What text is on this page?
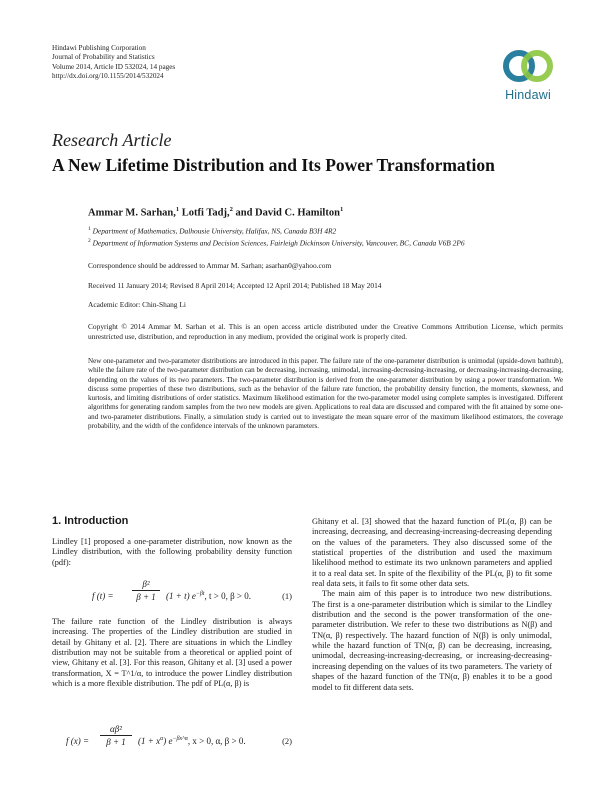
Hindawi Publishing Corporation
Journal of Probability and Statistics
Volume 2014, Article ID 532024, 14 pages
http://dx.doi.org/10.1155/2014/532024
Hindawi
Research Article
A New Lifetime Distribution and Its Power Transformation
Ammar M. Sarhan,$^1$ Lotfi Tadj,$^2$ and David C. Hamilton$^1$
$^1$ Department of Mathematics, Dalhousie University, Halifax, NS, Canada B3H 4R2
$^2$ Department of Information Systems and Decision Sciences, Fairleigh Dickinson University, Vancouver, BC, Canada V6B 2P6
Correspondence should be addressed to Ammar M. Sarhan; asarhan0@yahoo.com
Received 11 January 2014; Revised 8 April 2014; Accepted 12 April 2014; Published 18 May 2014
Academic Editor: Chin-Shang Li
Copyright © 2014 Ammar M. Sarhan et al. This is an open access article distributed under the Creative Commons Attribution License, which permits unrestricted use, distribution, and reproduction in any medium, provided the original work is properly cited.
New one-parameter and two-parameter distributions are introduced in this paper. The failure rate of the one-parameter distribution is unimodal (upside-down bathtub), while the failure rate of the two-parameter distribution can be decreasing, increasing, unimodal, increasing-decreasing-increasing, or decreasing-increasing-decreasing, depending on the values of its two parameters. The two-parameter distribution is derived from the one-parameter distribution by using a power transformation. We discuss some properties of these two distributions, such as the behavior of the failure rate function, the probability density function, the moments, skewness, and kurtosis, and limiting distributions of order statistics. Maximum likelihood estimation for the two-parameter model using complete samples is investigated. Different algorithms for generating random samples from the two new models are given. Applications to real data are discussed and compared with the fit attained by some one- and two-parameter distributions. Finally, a simulation study is carried out to investigate the mean square error of the maximum likelihood estimators, the coverage probability, and the width of the confidence intervals of the unknown parameters.
1. Introduction

Lindley [1] proposed a one-parameter distribution, now known as the Lindley distribution, with the following probability density function (pdf):

f (t) =
β²
β + 1	(1 + t) $e^{-\beta t}$, t > 0, β > 0.	(1)

The failure rate function of the Lindley distribution is always increasing. The properties of the Lindley distribution are studied in detail by Ghitany et al. [2]. There are situations in which the Lindley distribution may not be suitable from a theoretical or applied point of view, Ghitany et al. [3]. For this reason, Ghitany et al. [3] used a power transformation, X = T^1/α, to introduce the power Lindley distribution which is a more flexible distribution. The pdf of PL(α, β) is

f (x) =
αβ²
β + 1	$(1 + x^\alpha)$ $e^{-\beta x\^{}\alpha}$, x > 0, α, β > 0.	(2)

Ghitany et al. [3] showed that the hazard function of PL(α, β) can be increasing, decreasing, and decreasing-increasing-decreasing depending on the values of the parameters. They also discussed some of the statistical properties of the distribution and used the maximum likelihood method to estimate its two unknown parameters and applied it to a real data set. In spite of the flexibility of the PL(α, β) to fit some real data sets, it fails to fit some other data sets.

The main aim of this paper is to introduce two new distributions. The first is a one-parameter distribution which is similar to the Lindley distribution and the second is the power transformation of the one-parameter distribution. We refer to these two distributions as N(β) and TN(α, β) respectively. The hazard function of N(β) is only unimodal, while the hazard function of TN(α, β) can be decreasing, increasing, unimodal, decreasing-increasing-decreasing, or increasing-decreasing-increasing depending on the values of its two parameters. The variety of shapes of the hazard function of the TN(α, β) enables it to be a good model to fit different data sets.
